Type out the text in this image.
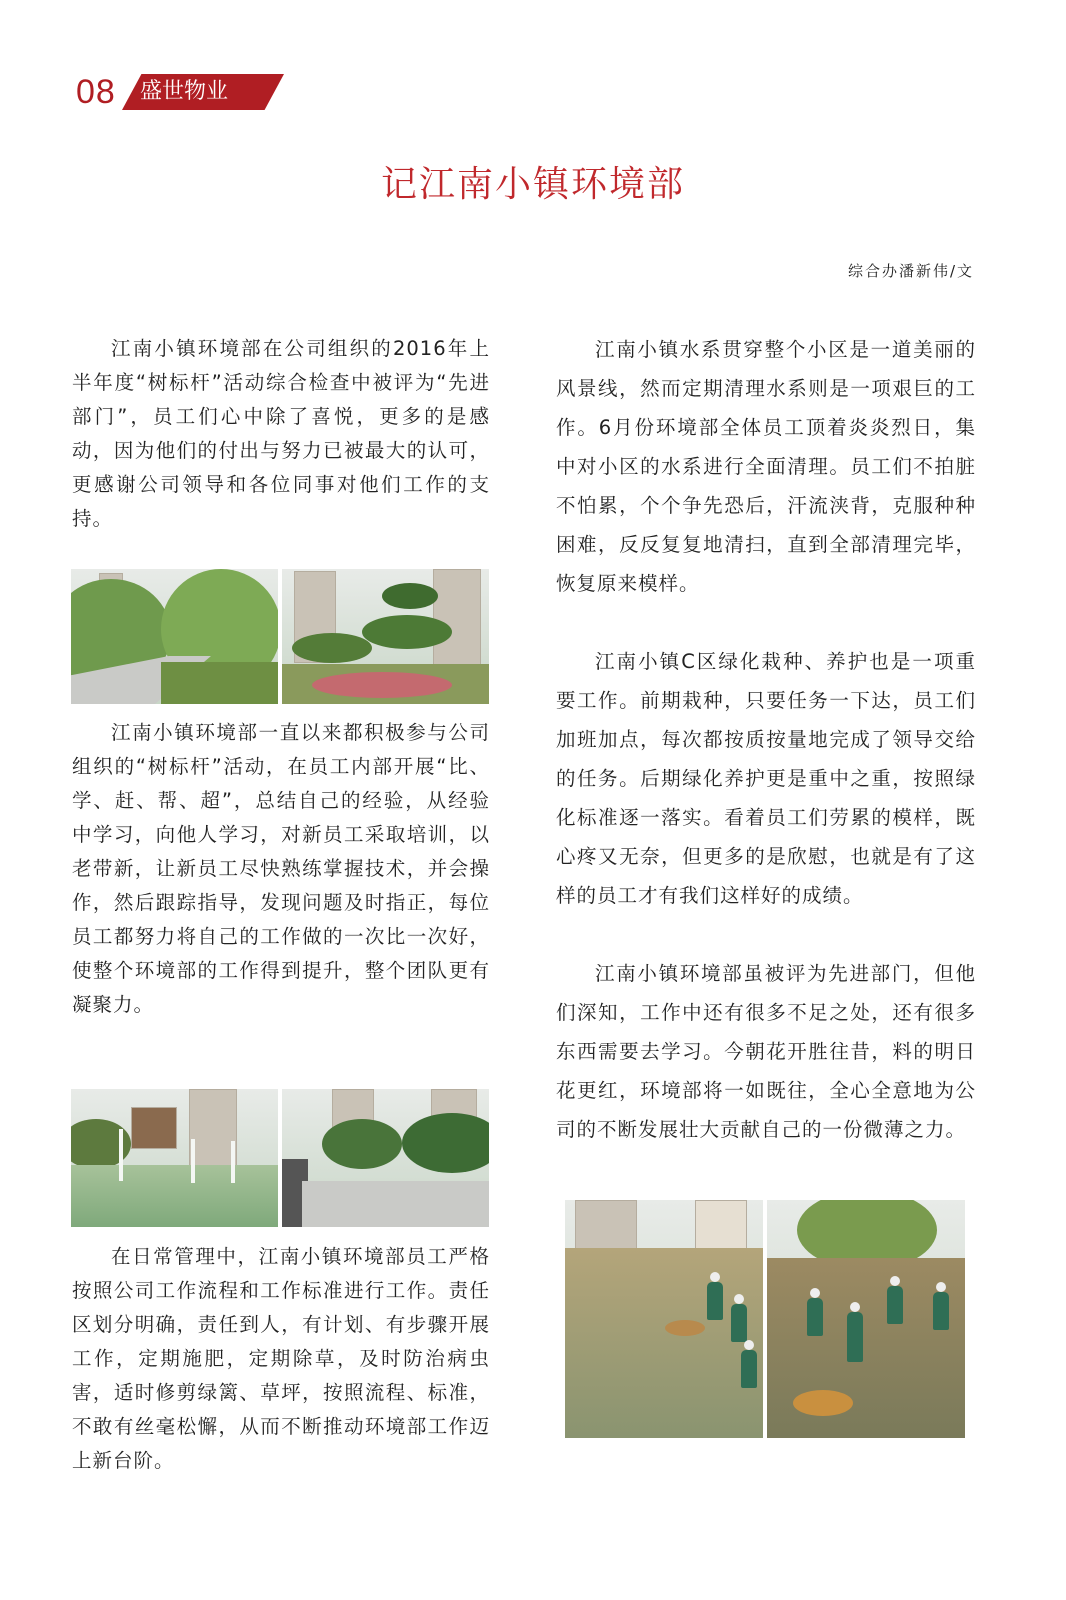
08 盛世物业
记江南小镇环境部
综合办潘新伟/文

江南小镇环境部在公司组织的2016年上半年度“树标杆”活动综合检查中被评为“先进部门”，员工们心中除了喜悦，更多的是感动，因为他们的付出与努力已被最大的认可，更感谢公司领导和各位同事对他们工作的支持。

江南小镇环境部一直以来都积极参与公司组织的“树标杆”活动，在员工内部开展“比、学、赶、帮、超”，总结自己的经验，从经验中学习，向他人学习，对新员工采取培训，以老带新，让新员工尽快熟练掌握技术，并会操作，然后跟踪指导，发现问题及时指正，每位员工都努力将自己的工作做的一次比一次好，使整个环境部的工作得到提升，整个团队更有凝聚力。

在日常管理中，江南小镇环境部员工严格按照公司工作流程和工作标准进行工作。责任区划分明确，责任到人，有计划、有步骤开展工作，定期施肥，定期除草，及时防治病虫害，适时修剪绿篱、草坪，按照流程、标准，不敢有丝毫松懈，从而不断推动环境部工作迈上新台阶。

江南小镇水系贯穿整个小区是一道美丽的风景线，然而定期清理水系则是一项艰巨的工作。6月份环境部全体员工顶着炎炎烈日，集中对小区的水系进行全面清理。员工们不拍脏不怕累，个个争先恐后，汗流浃背，克服种种困难，反反复复地清扫，直到全部清理完毕，恢复原来模样。

江南小镇C区绿化栽种、养护也是一项重要工作。前期栽种，只要任务一下达，员工们加班加点，每次都按质按量地完成了领导交给的任务。后期绿化养护更是重中之重，按照绿化标准逐一落实。看着员工们劳累的模样，既心疼又无奈，但更多的是欣慰，也就是有了这样的员工才有我们这样好的成绩。

江南小镇环境部虽被评为先进部门，但他们深知，工作中还有很多不足之处，还有很多东西需要去学习。今朝花开胜往昔，料的明日花更红，环境部将一如既往，全心全意地为公司的不断发展壮大贡献自己的一份微薄之力。
